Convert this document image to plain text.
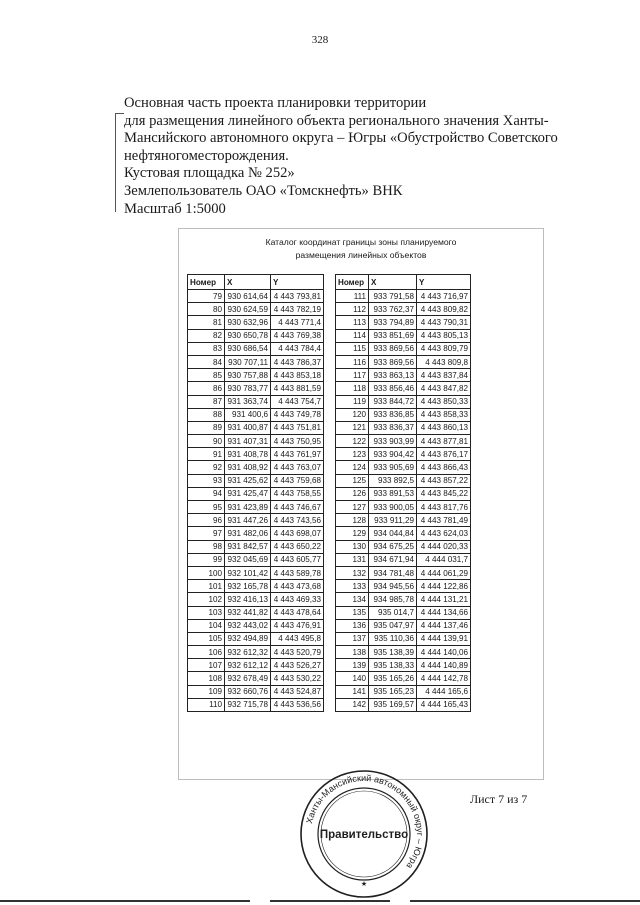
328
Основная часть проекта планировки территории
для размещения линейного объекта регионального значения Ханты-
Мансийского автономного округа – Югры «Обустройство Советского
нефтяногоместорождения.
Кустовая площадка № 252»
Землепользователь ОАО «Томскнефть» ВНК
Масштаб 1:5000
Каталог координат границы зоны планируемого
размещения линейных объектов
Номер	X	Y
79	930 614,64	4 443 793,81
80	930 624,59	4 443 782,19
81	930 632,96	4 443 771,4
82	930 650,78	4 443 769,38
83	930 686,54	4 443 784,4
84	930 707,11	4 443 786,37
85	930 757,88	4 443 853,18
86	930 783,77	4 443 881,59
87	931 363,74	4 443 754,7
88	931 400,6	4 443 749,78
89	931 400,87	4 443 751,81
90	931 407,31	4 443 750,95
91	931 408,78	4 443 761,97
92	931 408,92	4 443 763,07
93	931 425,62	4 443 759,68
94	931 425,47	4 443 758,55
95	931 423,89	4 443 746,67
96	931 447,26	4 443 743,56
97	931 482,06	4 443 698,07
98	931 842,57	4 443 650,22
99	932 045,69	4 443 605,77
100	932 101,42	4 443 589,78
101	932 165,78	4 443 473,68
102	932 416,13	4 443 469,33
103	932 441,82	4 443 478,64
104	932 443,02	4 443 476,91
105	932 494,89	4 443 495,8
106	932 612,32	4 443 520,79
107	932 612,12	4 443 526,27
108	932 678,49	4 443 530,22
109	932 660,76	4 443 524,87
110	932 715,78	4 443 536,56
Номер	X	Y
111	933 791,58	4 443 716,97
112	933 762,37	4 443 809,82
113	933 794,89	4 443 790,31
114	933 851,69	4 443 805,13
115	933 869,56	4 443 809,79
116	933 869,56	4 443 809,8
117	933 863,13	4 443 837,84
118	933 856,46	4 443 847,82
119	933 844,72	4 443 850,33
120	933 836,85	4 443 858,33
121	933 836,37	4 443 860,13
122	933 903,99	4 443 877,81
123	933 904,42	4 443 876,17
124	933 905,69	4 443 866,43
125	933 892,5	4 443 857,22
126	933 891,53	4 443 845,22
127	933 900,05	4 443 817,76
128	933 911,29	4 443 781,49
129	934 044,84	4 443 624,03
130	934 675,25	4 444 020,33
131	934 671,94	4 444 031,7
132	934 781,48	4 444 061,29
133	934 945,56	4 444 122,86
134	934 985,78	4 444 131,21
135	935 014,7	4 444 134,66
136	935 047,97	4 444 137,46
137	935 110,36	4 444 139,91
138	935 138,39	4 444 140,06
139	935 138,33	4 444 140,89
140	935 165,26	4 444 142,78
141	935 165,23	4 444 165,6
142	935 169,57	4 444 165,43
Лист 7 из 7
Ханты-Мансийский автономный округ – Югра
Правительство
★
